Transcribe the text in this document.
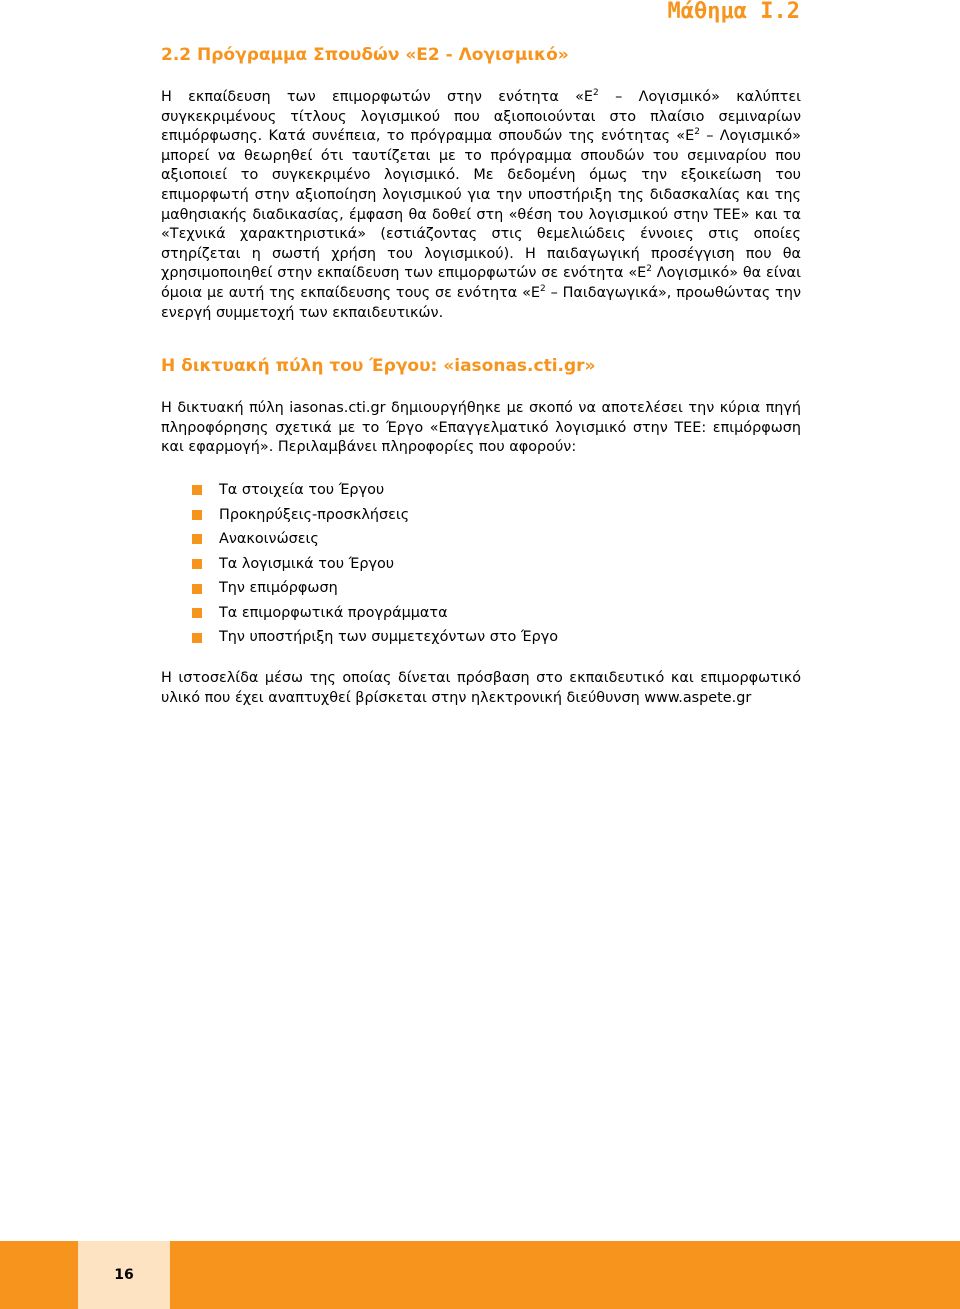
Μάθημα Ι.2
2.2 Πρόγραμμα Σπουδών «Ε2 - Λογισμικό»

Η εκπαίδευση των επιμορφωτών στην ενότητα «$E^2$ – Λογισμικό» καλύπτει συγκεκριμένους τίτλους λογισμικού που αξιοποιούνται στο πλαίσιο σεμιναρίων επιμόρφωσης. Κατά συνέπεια, το πρόγραμμα σπουδών της ενότητας «$E^2$ – Λογισμικό» μπορεί να θεωρηθεί ότι ταυτίζεται με το πρόγραμμα σπουδών του σεμιναρίου που αξιοποιεί το συγκεκριμένο λογισμικό. Με δεδομένη όμως την εξοικείωση του επιμορφωτή στην αξιοποίηση λογισμικού για την υποστήριξη της διδασκαλίας και της μαθησιακής διαδικασίας, έμφαση θα δοθεί στη «θέση του λογισμικού στην ΤΕΕ» και τα «Τεχνικά χαρακτηριστικά» (εστιάζοντας στις θεμελιώδεις έννοιες στις οποίες στηρίζεται η σωστή χρήση του λογισμικού). Η παιδαγωγική προσέγγιση που θα χρησιμοποιηθεί στην εκπαίδευση των επιμορφωτών σε ενότητα «$E^2$ Λογισμικό» θα είναι όμοια με αυτή της εκπαίδευσης τους σε ενότητα «$E^2$ – Παιδαγωγικά», προωθώντας την ενεργή συμμετοχή των εκπαιδευτικών.

Η δικτυακή πύλη του Έργου: «iasonas.cti.gr»

Η δικτυακή πύλη iasonas.cti.gr δημιουργήθηκε με σκοπό να αποτελέσει την κύρια πηγή πληροφόρησης σχετικά με το Έργο «Επαγγελματικό λογισμικό στην ΤΕΕ: επιμόρφωση και εφαρμογή». Περιλαμβάνει πληροφορίες που αφορούν:

Τα στοιχεία του Έργου
Προκηρύξεις-προσκλήσεις
Ανακοινώσεις
Τα λογισμικά του Έργου
Την επιμόρφωση
Τα επιμορφωτικά προγράμματα
Την υποστήριξη των συμμετεχόντων στο Έργο

Η ιστοσελίδα μέσω της οποίας δίνεται πρόσβαση στο εκπαιδευτικό και επιμορφωτικό υλικό που έχει αναπτυχθεί βρίσκεται στην ηλεκτρονική διεύθυνση www.aspete.gr

16
